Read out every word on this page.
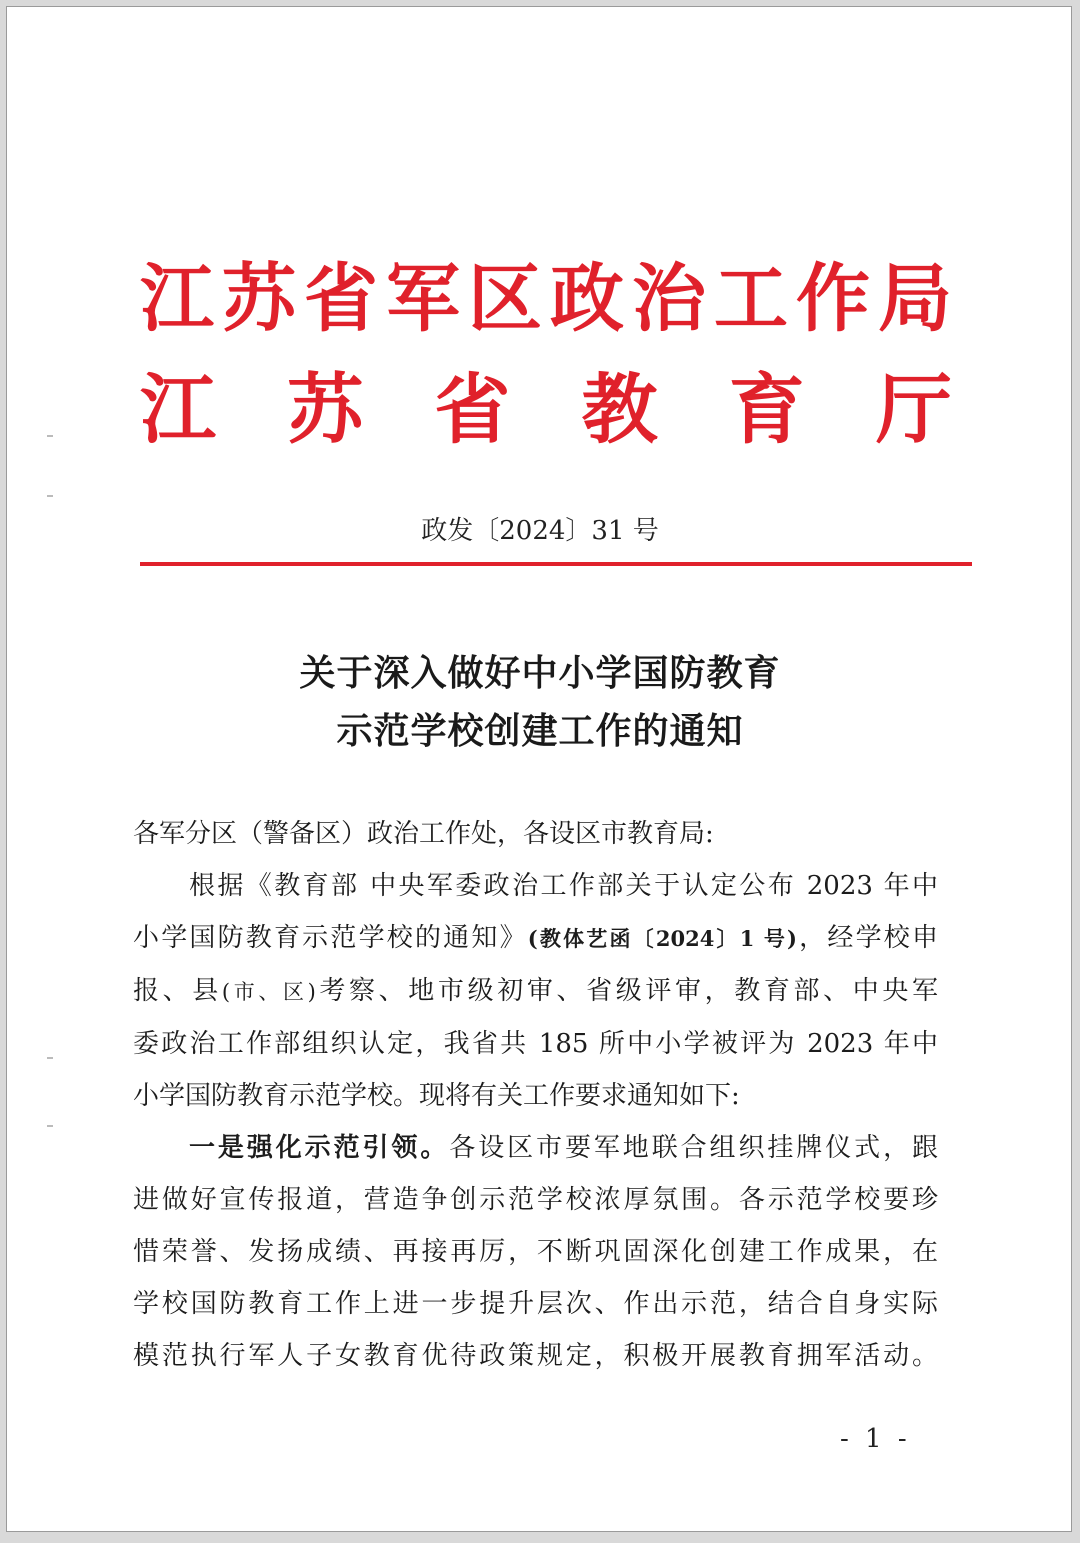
江 苏 省 军 区 政 治 工 作 局
江 苏 省 教 育 厅
政发〔2024〕31 号
关于深入做好中小学国防教育
示范学校创建工作的通知

各军分区（警备区）政治工作处，各设区市教育局:

根据《教育部 中央军委政治工作部关于认定公布 2023 年中

小学国防教育示范学校的通知》(教体艺函〔2024〕1 号)，经学校申

报、县(市、区)考察、地市级初审、省级评审，教育部、中央军

委政治工作部组织认定，我省共 185 所中小学被评为 2023 年中

小学国防教育示范学校。现将有关工作要求通知如下:

一是强化示范引领。各设区市要军地联合组织挂牌仪式，跟

进做好宣传报道，营造争创示范学校浓厚氛围。各示范学校要珍

惜荣誉、发扬成绩、再接再厉，不断巩固深化创建工作成果，在

学校国防教育工作上进一步提升层次、作出示范，结合自身实际

模范执行军人子女教育优待政策规定，积极开展教育拥军活动。

- 1 -
